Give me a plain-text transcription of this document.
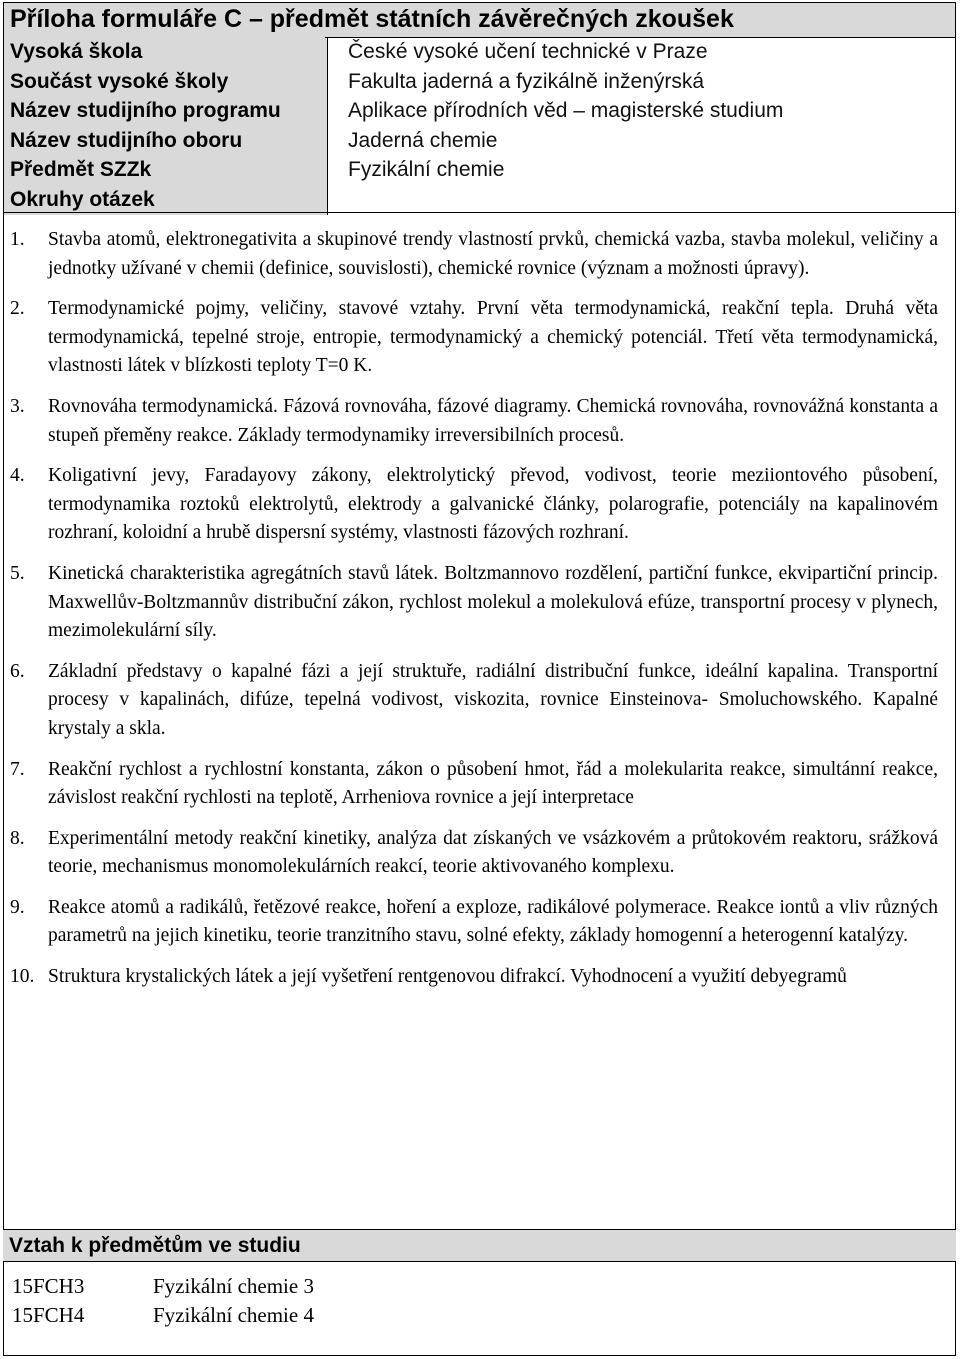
Příloha formuláře C – předmět státních závěrečných zkoušek
Vysoká škola	České vysoké učení technické v Praze
Součást vysoké školy	Fakulta jaderná a fyzikálně inženýrská
Název studijního programu	Aplikace přírodních věd – magisterské studium
Název studijního oboru	Jaderná chemie
Předmět SZZk	Fyzikální chemie
Okruhy otázek
1. Stavba atomů, elektronegativita a skupinové trendy vlastností prvků, chemická vazba, stavba molekul, veličiny a jednotky užívané v chemii (definice, souvislosti), chemické rovnice (význam a možnosti úpravy).
2. Termodynamické pojmy, veličiny, stavové vztahy. První věta termodynamická, reakční tepla. Druhá věta termodynamická, tepelné stroje, entropie, termodynamický a chemický potenciál. Třetí věta termodynamická, vlastnosti látek v blízkosti teploty T=0 K.
3. Rovnováha termodynamická. Fázová rovnováha, fázové diagramy. Chemická rovnováha, rovnovážná konstanta a stupeň přeměny reakce. Základy termodynamiky irreversibilních procesů.
4. Koligativní jevy, Faradayovy zákony, elektrolytický převod, vodivost, teorie meziiontového působení, termodynamika roztoků elektrolytů, elektrody a galvanické články, polarografie, potenciály na kapalinovém rozhraní, koloidní a hrubě dispersní systémy, vlastnosti fázových rozhraní.
5. Kinetická charakteristika agregátních stavů látek. Boltzmannovo rozdělení, partiční funkce, ekvipartiční princip. Maxwellův-Boltzmannův distribuční zákon, rychlost molekul a molekulová efúze, transportní procesy v plynech, mezimolekulární síly.
6. Základní představy o kapalné fázi a její struktuře, radiální distribuční funkce, ideální kapalina. Transportní procesy v kapalinách, difúze, tepelná vodivost, viskozita, rovnice Einsteinova- Smoluchowského. Kapalné krystaly a skla.
7. Reakční rychlost a rychlostní konstanta, zákon o působení hmot, řád a molekularita reakce, simultánní reakce, závislost reakční rychlosti na teplotě, Arrheniova rovnice a její interpretace
8. Experimentální metody reakční kinetiky, analýza dat získaných ve vsázkovém a průtokovém reaktoru, srážková teorie, mechanismus monomolekulárních reakcí, teorie aktivovaného komplexu.
9. Reakce atomů a radikálů, řetězové reakce, hoření a exploze, radikálové polymerace. Reakce iontů a vliv různých parametrů na jejich kinetiku, teorie tranzitního stavu, solné efekty, základy homogenní a heterogenní katalýzy.
10. Struktura krystalických látek a její vyšetření rentgenovou difrakcí. Vyhodnocení a využití debyegramů
Vztah k předmětům ve studiu
15FCH3	Fyzikální chemie 3
15FCH4	Fyzikální chemie 4
